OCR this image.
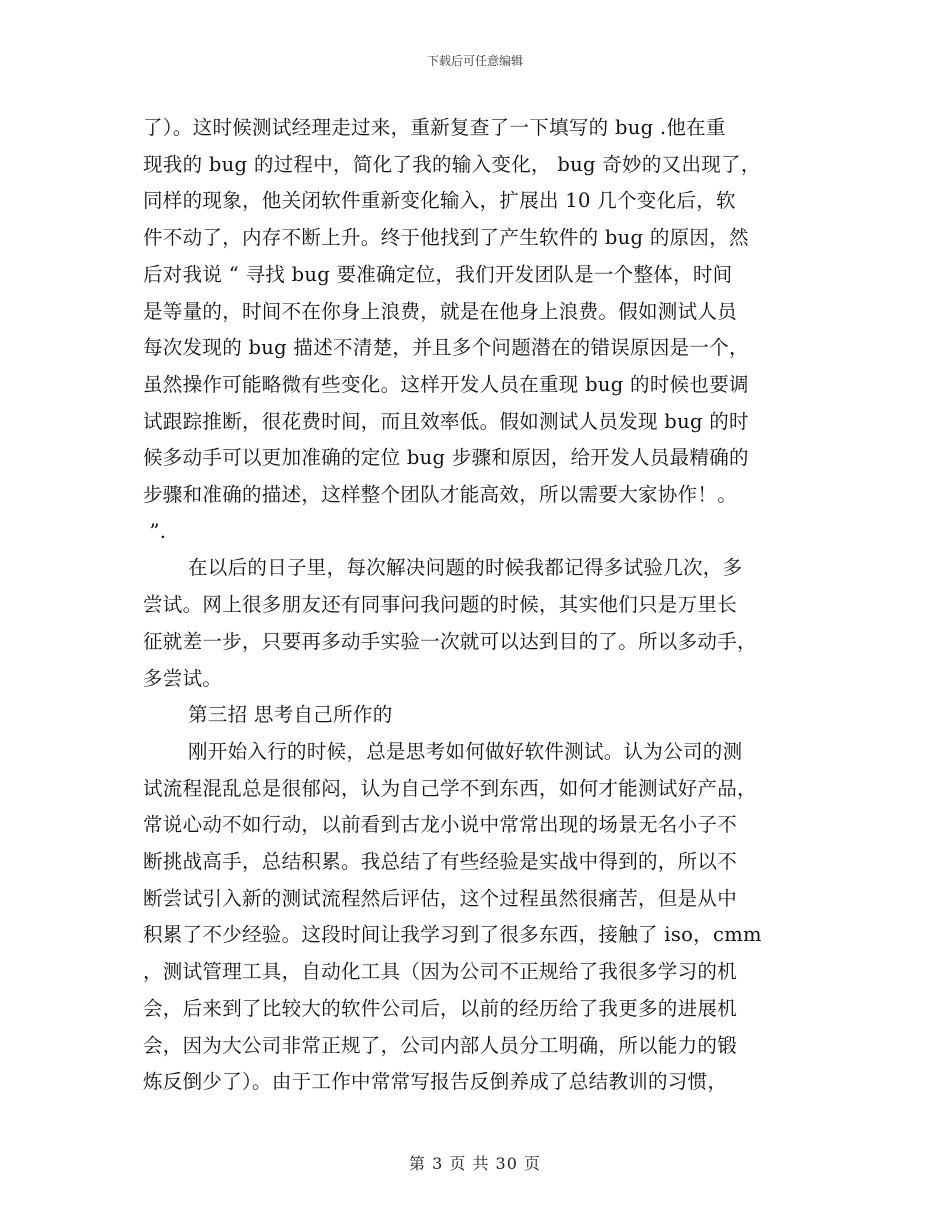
下载后可任意编辑
了）。这时候测试经理走过来，重新复查了一下填写的 bug .他在重
现我的 bug 的过程中，简化了我的输入变化， bug 奇妙的又出现了，
同样的现象，他关闭软件重新变化输入，扩展出 10 几个变化后，软
件不动了，内存不断上升。终于他找到了产生软件的 bug 的原因，然
后对我说 “ 寻找 bug 要准确定位，我们开发团队是一个整体，时间
是等量的，时间不在你身上浪费，就是在他身上浪费。假如测试人员
每次发现的 bug 描述不清楚，并且多个问题潜在的错误原因是一个，
虽然操作可能略微有些变化。这样开发人员在重现 bug 的时候也要调
试跟踪推断，很花费时间，而且效率低。假如测试人员发现 bug 的时
候多动手可以更加准确的定位 bug 步骤和原因，给开发人员最精确的
步骤和准确的描述，这样整个团队才能高效，所以需要大家协作！。
”.
在以后的日子里，每次解决问题的时候我都记得多试验几次，多
尝试。网上很多朋友还有同事问我问题的时候，其实他们只是万里长
征就差一步，只要再多动手实验一次就可以达到目的了。所以多动手，
多尝试。
第三招 思考自己所作的
刚开始入行的时候，总是思考如何做好软件测试。认为公司的测
试流程混乱总是很郁闷，认为自己学不到东西，如何才能测试好产品，
常说心动不如行动，以前看到古龙小说中常常出现的场景无名小子不
断挑战高手，总结积累。我总结了有些经验是实战中得到的，所以不
断尝试引入新的测试流程然后评估，这个过程虽然很痛苦，但是从中
积累了不少经验。这段时间让我学习到了很多东西，接触了 iso，cmm
，测试管理工具，自动化工具（因为公司不正规给了我很多学习的机
会，后来到了比较大的软件公司后，以前的经历给了我更多的进展机
会，因为大公司非常正规了，公司内部人员分工明确，所以能力的锻
炼反倒少了）。由于工作中常常写报告反倒养成了总结教训的习惯，
第 3 页 共 30 页
